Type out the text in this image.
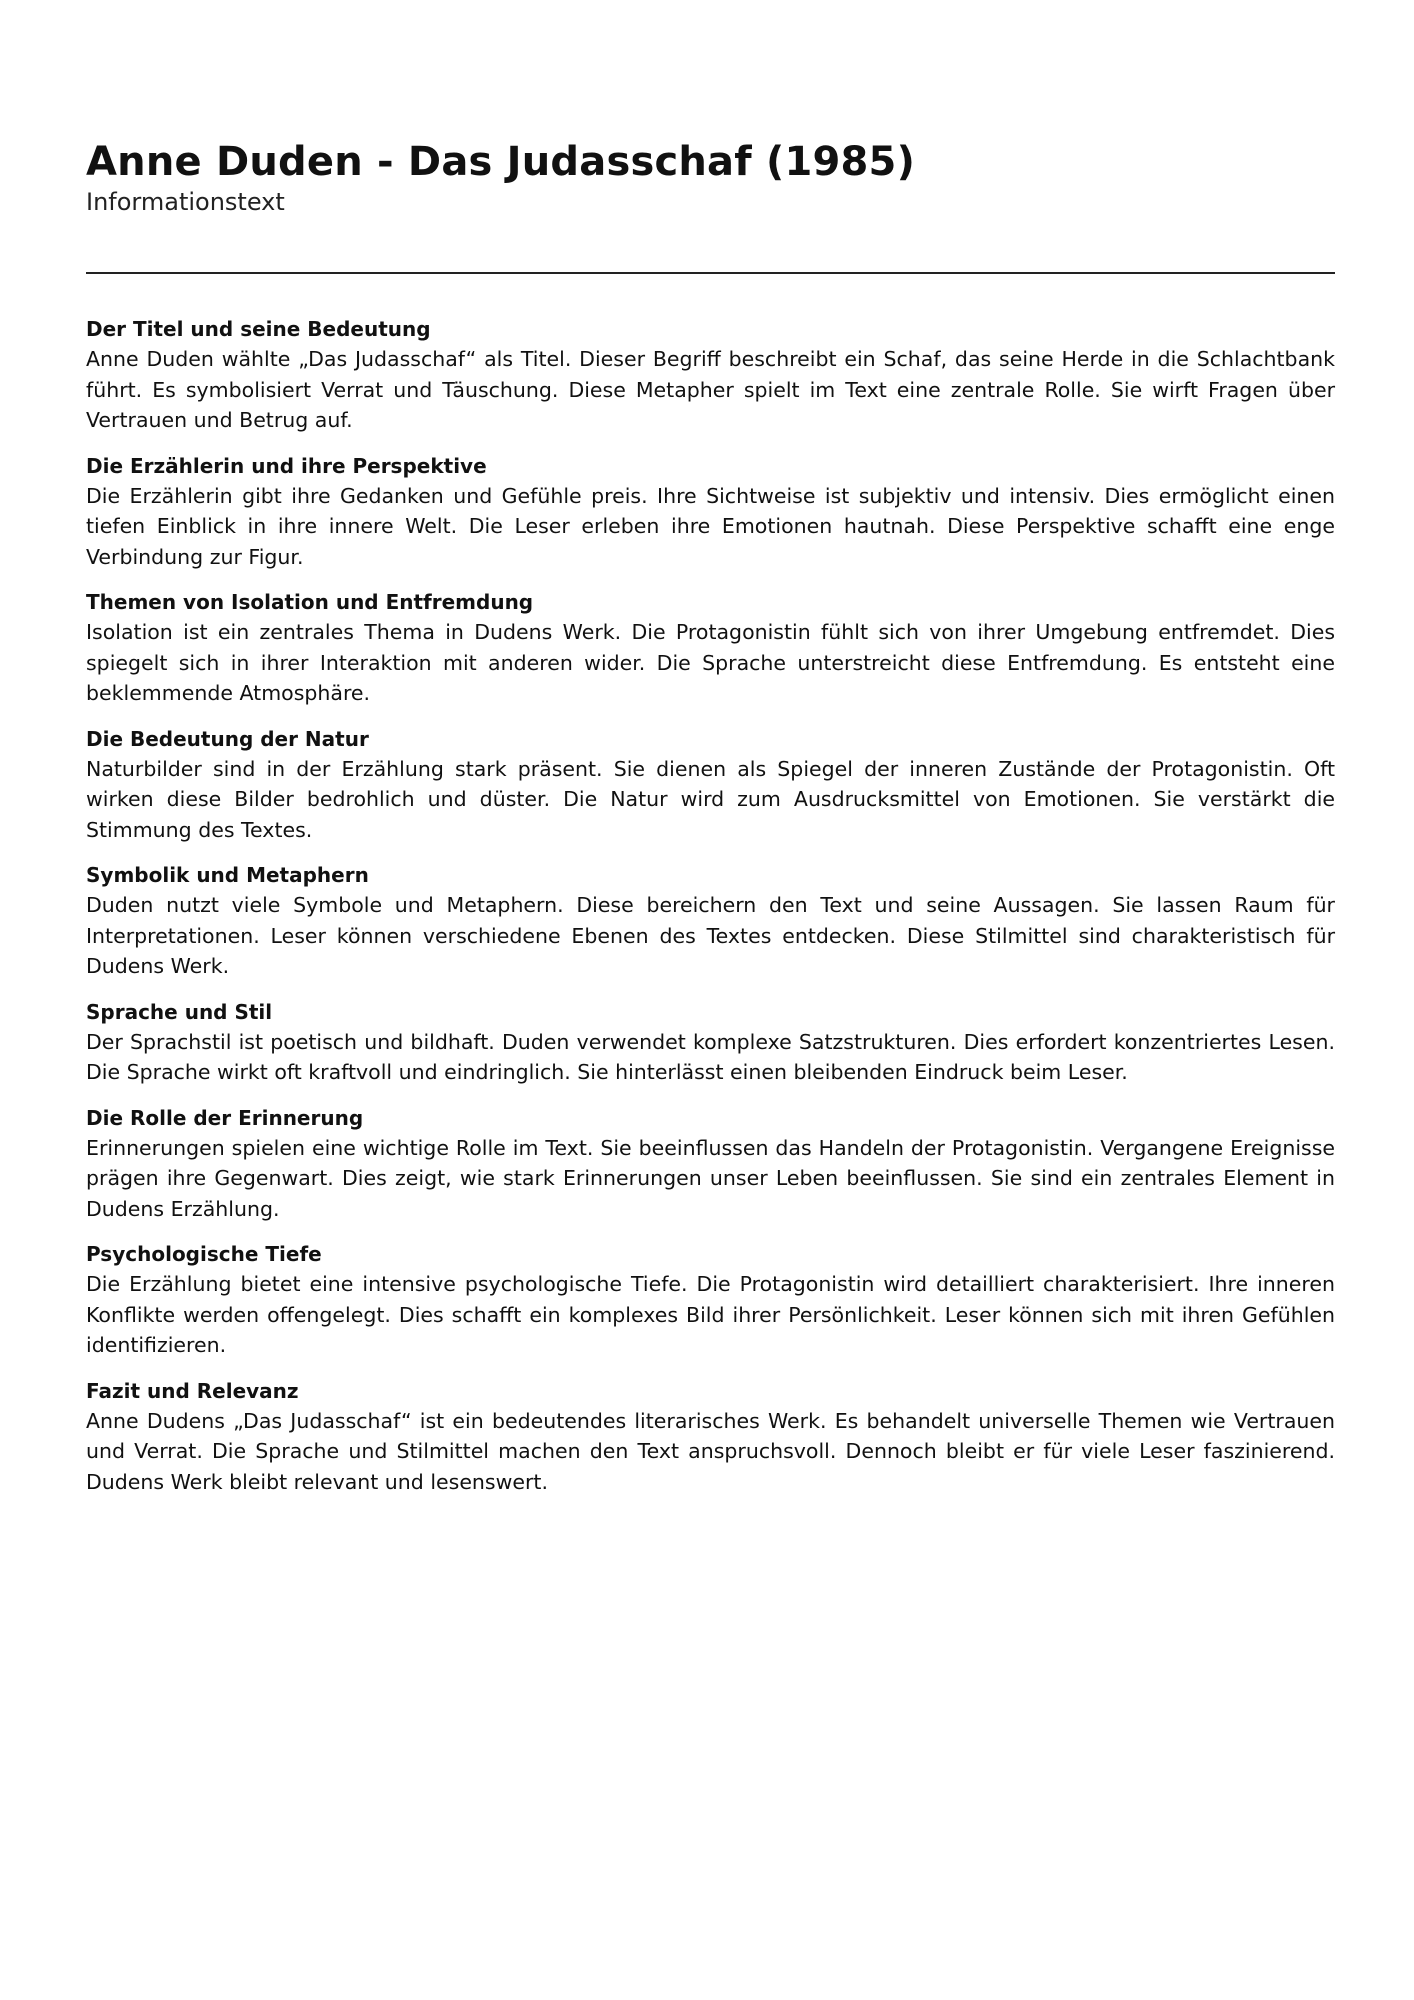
Anne Duden - Das Judasschaf (1985)
Informationstext
Der Titel und seine Bedeutung

Anne Duden wählte „Das Judasschaf“ als Titel. Dieser Begriff beschreibt ein Schaf, das seine Herde in die Schlachtbank führt. Es symbolisiert Verrat und Täuschung. Diese Metapher spielt im Text eine zentrale Rolle. Sie wirft Fragen über Vertrauen und Betrug auf.

Die Erzählerin und ihre Perspektive

Die Erzählerin gibt ihre Gedanken und Gefühle preis. Ihre Sichtweise ist subjektiv und intensiv. Dies ermöglicht einen tiefen Einblick in ihre innere Welt. Die Leser erleben ihre Emotionen hautnah. Diese Perspektive schafft eine enge Verbindung zur Figur.

Themen von Isolation und Entfremdung

Isolation ist ein zentrales Thema in Dudens Werk. Die Protagonistin fühlt sich von ihrer Umgebung entfremdet. Dies spiegelt sich in ihrer Interaktion mit anderen wider. Die Sprache unterstreicht diese Entfremdung. Es entsteht eine beklemmende Atmosphäre.

Die Bedeutung der Natur

Naturbilder sind in der Erzählung stark präsent. Sie dienen als Spiegel der inneren Zustände der Protagonistin. Oft wirken diese Bilder bedrohlich und düster. Die Natur wird zum Ausdrucksmittel von Emotionen. Sie verstärkt die Stimmung des Textes.

Symbolik und Metaphern

Duden nutzt viele Symbole und Metaphern. Diese bereichern den Text und seine Aussagen. Sie lassen Raum für Interpretationen. Leser können verschiedene Ebenen des Textes entdecken. Diese Stilmittel sind charakteristisch für Dudens Werk.

Sprache und Stil

Der Sprachstil ist poetisch und bildhaft. Duden verwendet komplexe Satzstrukturen. Dies erfordert konzentriertes Lesen. Die Sprache wirkt oft kraftvoll und eindringlich. Sie hinterlässt einen bleibenden Eindruck beim Leser.

Die Rolle der Erinnerung

Erinnerungen spielen eine wichtige Rolle im Text. Sie beeinflussen das Handeln der Protagonistin. Vergangene Ereignisse prägen ihre Gegenwart. Dies zeigt, wie stark Erinnerungen unser Leben beeinflussen. Sie sind ein zentrales Element in Dudens Erzählung.

Psychologische Tiefe

Die Erzählung bietet eine intensive psychologische Tiefe. Die Protagonistin wird detailliert charakterisiert. Ihre inneren Konflikte werden offengelegt. Dies schafft ein komplexes Bild ihrer Persönlichkeit. Leser können sich mit ihren Gefühlen identifizieren.

Fazit und Relevanz

Anne Dudens „Das Judasschaf“ ist ein bedeutendes literarisches Werk. Es behandelt universelle Themen wie Vertrauen und Verrat. Die Sprache und Stilmittel machen den Text anspruchsvoll. Dennoch bleibt er für viele Leser faszinierend. Dudens Werk bleibt relevant und lesenswert.
